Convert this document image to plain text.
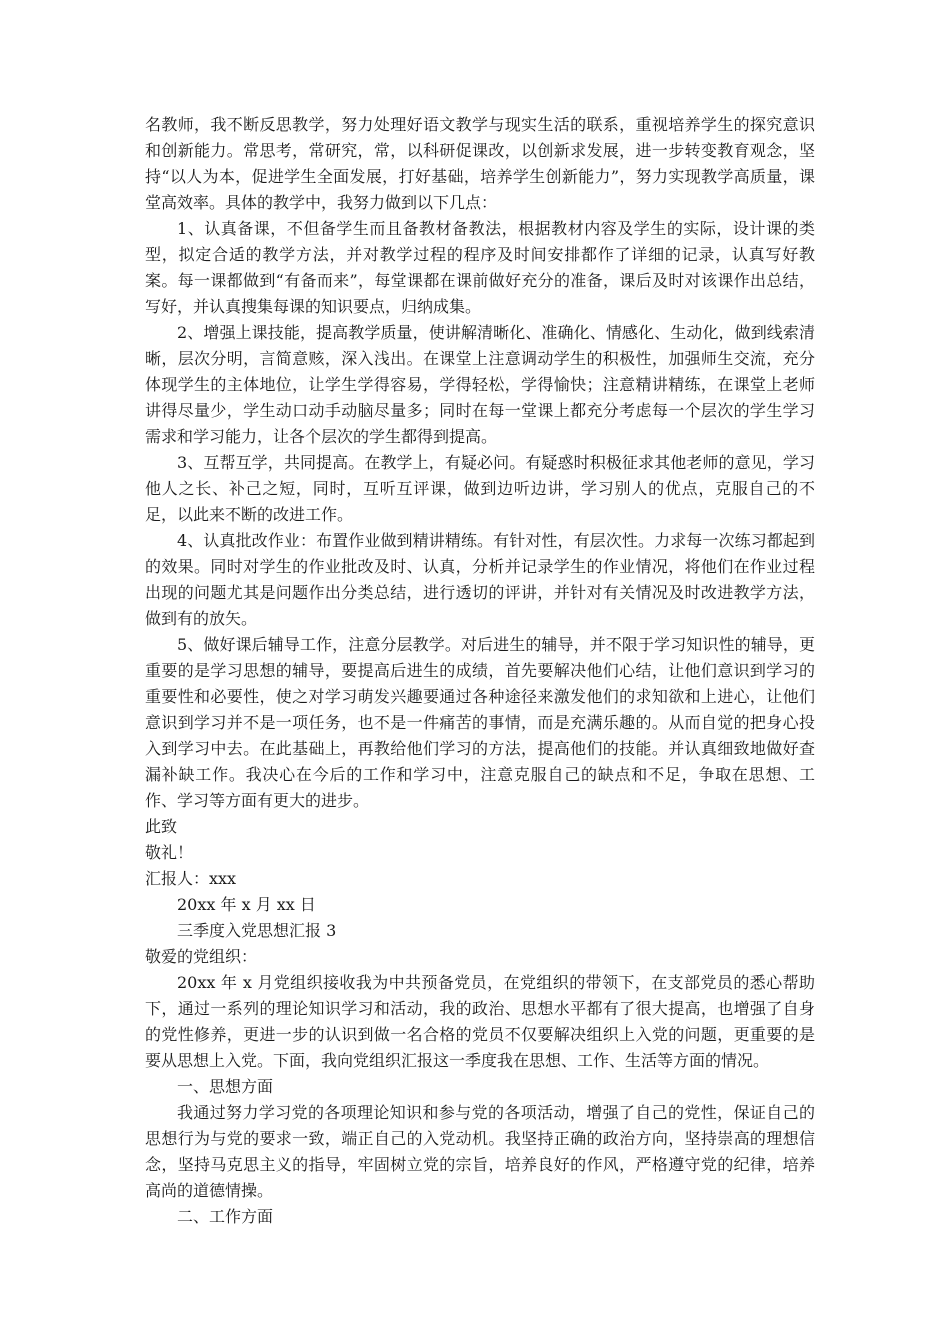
名教师，我不断反思教学，努力处理好语文教学与现实生活的联系，重视培养学生的探究意识和创新能力。常思考，常研究，常，以科研促课改，以创新求发展，进一步转变教育观念，坚持“以人为本，促进学生全面发展，打好基础，培养学生创新能力”，努力实现教学高质量，课堂高效率。具体的教学中，我努力做到以下几点：

1、认真备课，不但备学生而且备教材备教法，根据教材内容及学生的实际，设计课的类型，拟定合适的教学方法，并对教学过程的程序及时间安排都作了详细的记录，认真写好教案。每一课都做到“有备而来”，每堂课都在课前做好充分的准备，课后及时对该课作出总结，写好，并认真搜集每课的知识要点，归纳成集。

2、增强上课技能，提高教学质量，使讲解清晰化、准确化、情感化、生动化，做到线索清晰，层次分明，言简意赅，深入浅出。在课堂上注意调动学生的积极性，加强师生交流，充分体现学生的主体地位，让学生学得容易，学得轻松，学得愉快；注意精讲精练，在课堂上老师讲得尽量少，学生动口动手动脑尽量多；同时在每一堂课上都充分考虑每一个层次的学生学习需求和学习能力，让各个层次的学生都得到提高。

3、互帮互学，共同提高。在教学上，有疑必问。有疑惑时积极征求其他老师的意见，学习他人之长、补己之短，同时，互听互评课，做到边听边讲，学习别人的优点，克服自己的不足，以此来不断的改进工作。

4、认真批改作业：布置作业做到精讲精练。有针对性，有层次性。力求每一次练习都起到的效果。同时对学生的作业批改及时、认真，分析并记录学生的作业情况，将他们在作业过程出现的问题尤其是问题作出分类总结，进行透切的评讲，并针对有关情况及时改进教学方法，做到有的放矢。

5、做好课后辅导工作，注意分层教学。对后进生的辅导，并不限于学习知识性的辅导，更重要的是学习思想的辅导，要提高后进生的成绩，首先要解决他们心结，让他们意识到学习的重要性和必要性，使之对学习萌发兴趣要通过各种途径来激发他们的求知欲和上进心，让他们意识到学习并不是一项任务，也不是一件痛苦的事情，而是充满乐趣的。从而自觉的把身心投入到学习中去。在此基础上，再教给他们学习的方法，提高他们的技能。并认真细致地做好查漏补缺工作。我决心在今后的工作和学习中，注意克服自己的缺点和不足，争取在思想、工作、学习等方面有更大的进步。

此致

敬礼！

汇报人：xxx

20xx 年 x 月 xx 日

三季度入党思想汇报 3

敬爱的党组织：

20xx 年 x 月党组织接收我为中共预备党员，在党组织的带领下，在支部党员的悉心帮助下，通过一系列的理论知识学习和活动，我的政治、思想水平都有了很大提高，也增强了自身的党性修养，更进一步的认识到做一名合格的党员不仅要解决组织上入党的问题，更重要的是要从思想上入党。下面，我向党组织汇报这一季度我在思想、工作、生活等方面的情况。

一、思想方面

我通过努力学习党的各项理论知识和参与党的各项活动，增强了自己的党性，保证自己的思想行为与党的要求一致，端正自己的入党动机。我坚持正确的政治方向，坚持崇高的理想信念，坚持马克思主义的指导，牢固树立党的宗旨，培养良好的作风，严格遵守党的纪律，培养高尚的道德情操。

二、工作方面
